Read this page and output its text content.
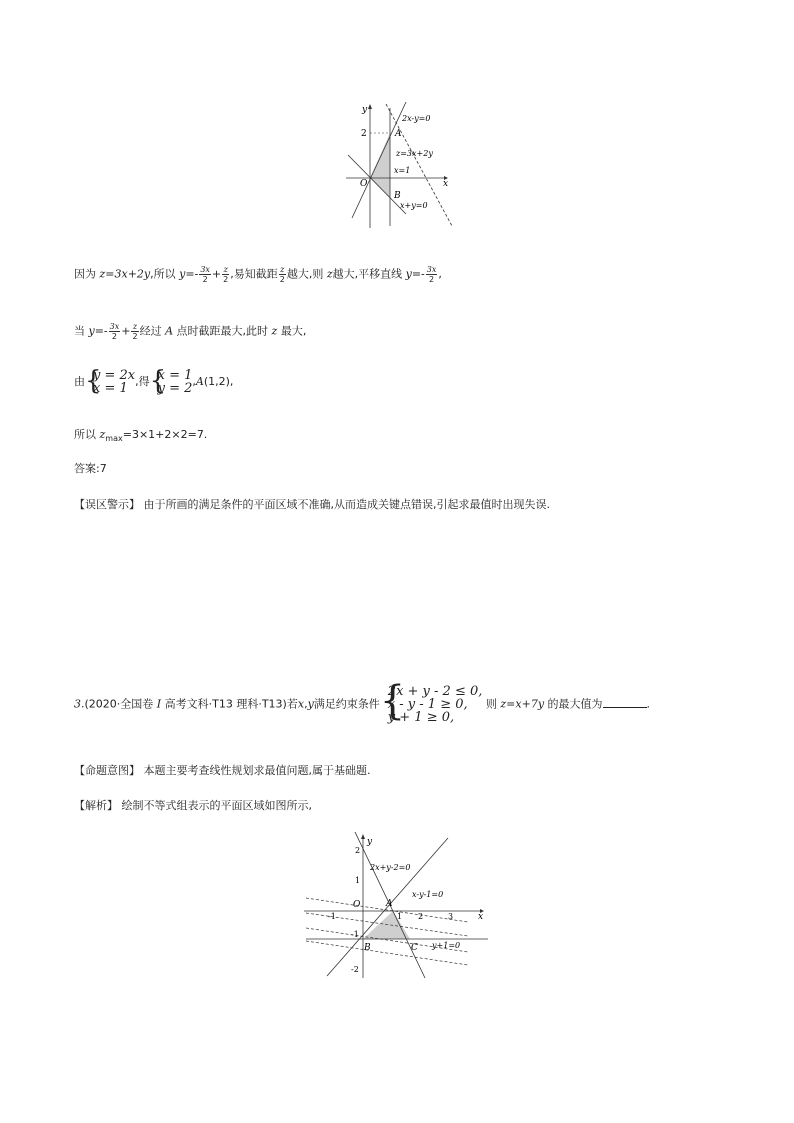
y
x
O
2	A
B
2x-y=0
z=3x+2y
x=1
x+y=0
因为 z=3x+2y,所以 $y=- \frac{3x}{2} + \frac{z}{2}$ ,易知截距 $\frac{z}{2}$ 越大,则 z越大,平移直线 $y=- \frac{3x}{2}$ ,
当 $y=- \frac{3x}{2} + \frac{z}{2}$ 经过 A 点时截距最大,此时 z 最大,
由 {
y = 2x
x = 1 ,得 {
x = 1
y = 2 ,A(1,2),
所以 $z_{max}=3\times 1+2\times 2=7$.
答案:7
【误区警示】 由于所画的满足条件的平面区域不准确,从而造成关键点错误,引起求最值时出现失误.
3.(2020·全国卷 I 高考文科·T13 理科·T13)若x,y满足约束条件 {
2x + y - 2 ≤ 0,
x - y - 1 ≥ 0,
y + 1 ≥ 0,
则 z=x+7y 的最大值为	.
【命题意图】 本题主要考查线性规划求最值问题,属于基础题.
【解析】 绘制不等式组表示的平面区域如图所示,
y
x
O	A
B	C
2
1
-1
-2
-1	1 2	3
2x+y-2=0
x-y-1=0
y+1=0
